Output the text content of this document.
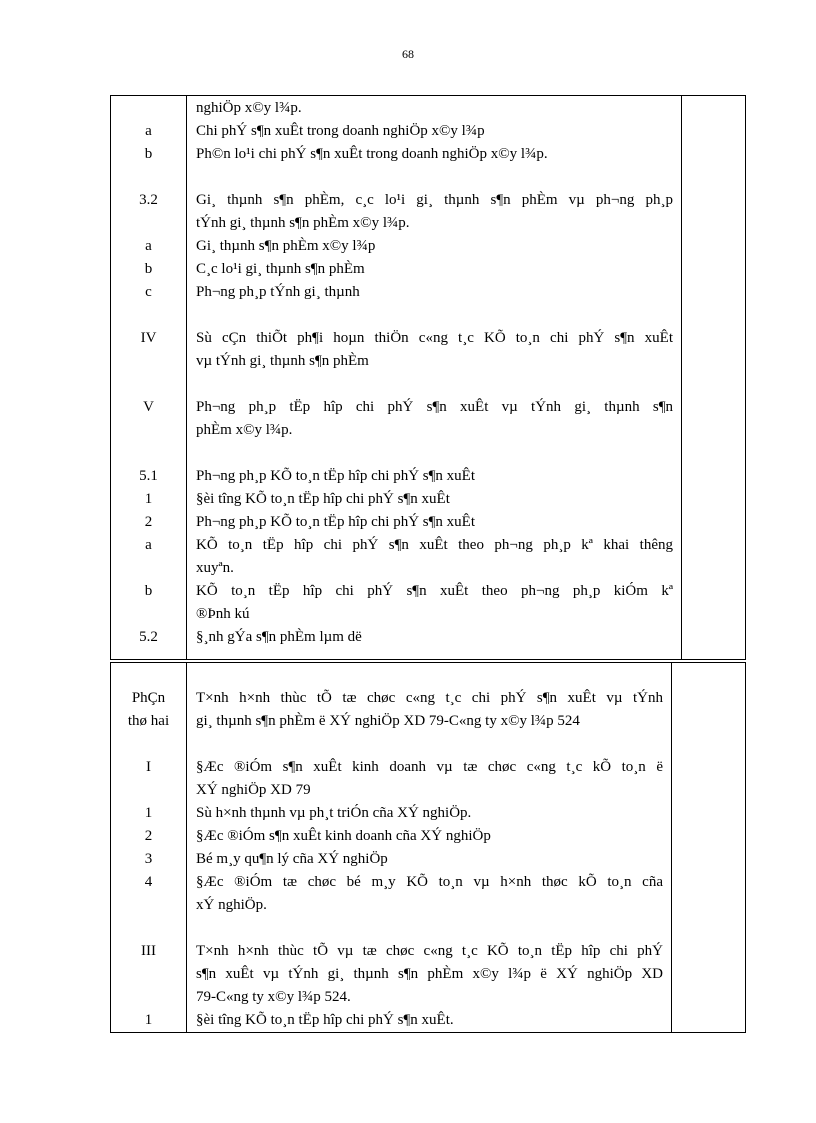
68
nghiÖp x©y l¾p.
a	Chi phÝ s¶n xuÊt trong doanh nghiÖp x©y l¾p
b	Ph©n lo¹i chi phÝ s¶n xuÊt trong doanh nghiÖp x©y l¾p.
3.2	Gi¸ thµnh s¶n phÈm, c¸c lo¹i gi¸ thµnh s¶n phÈm vµ ph¬ng ph¸p
tÝnh gi¸ thµnh s¶n phÈm x©y l¾p.
a	Gi¸ thµnh s¶n phÈm x©y l¾p
b	C¸c lo¹i gi¸ thµnh s¶n phÈm
c	Ph¬ng ph¸p tÝnh gi¸ thµnh
IV	Sù cÇn thiÕt ph¶i hoµn thiÖn c«ng t¸c KÕ to¸n chi phÝ s¶n xuÊt
vµ tÝnh gi¸ thµnh s¶n phÈm
V	Ph¬ng ph¸p tËp hîp chi phÝ s¶n xuÊt vµ tÝnh gi¸ thµnh s¶n
phÈm x©y l¾p.
5.1	Ph¬ng ph¸p KÕ to¸n tËp hîp chi phÝ s¶n xuÊt
1	§èi tîng KÕ to¸n tËp hîp chi phÝ s¶n xuÊt
2	Ph¬ng ph¸p KÕ to¸n tËp hîp chi phÝ s¶n xuÊt
a	KÕ to¸n tËp hîp chi phÝ s¶n xuÊt theo ph¬ng ph¸p kª khai thêng
xuyªn.
b	KÕ to¸n tËp hîp chi phÝ s¶n xuÊt theo ph¬ng ph¸p kiÓm kª
®Þnh kú
5.2	§¸nh gÝa s¶n phÈm lµm dë

PhÇn	T×nh h×nh thùc tÕ tæ chøc c«ng t¸c chi phÝ s¶n xuÊt vµ tÝnh
thø hai	gi¸ thµnh s¶n phÈm ë XÝ nghiÖp XD 79-C«ng ty x©y l¾p 524
I	§Æc ®iÓm s¶n xuÊt kinh doanh vµ tæ chøc c«ng t¸c kÕ to¸n ë
XÝ nghiÖp XD 79
1	Sù h×nh thµnh vµ ph¸t triÓn cña XÝ nghiÖp.
2	§Æc ®iÓm s¶n xuÊt kinh doanh cña XÝ nghiÖp
3	Bé m¸y qu¶n lý cña XÝ nghiÖp
4	§Æc ®iÓm tæ chøc bé m¸y KÕ to¸n vµ h×nh thøc kÕ to¸n cña
xÝ nghiÖp.
III	T×nh h×nh thùc tÕ vµ tæ chøc c«ng t¸c KÕ to¸n tËp hîp chi phÝ
s¶n xuÊt vµ tÝnh gi¸ thµnh s¶n phÈm x©y l¾p ë XÝ nghiÖp XD
79-C«ng ty x©y l¾p 524.
1	§èi tîng KÕ to¸n tËp hîp chi phÝ s¶n xuÊt.
